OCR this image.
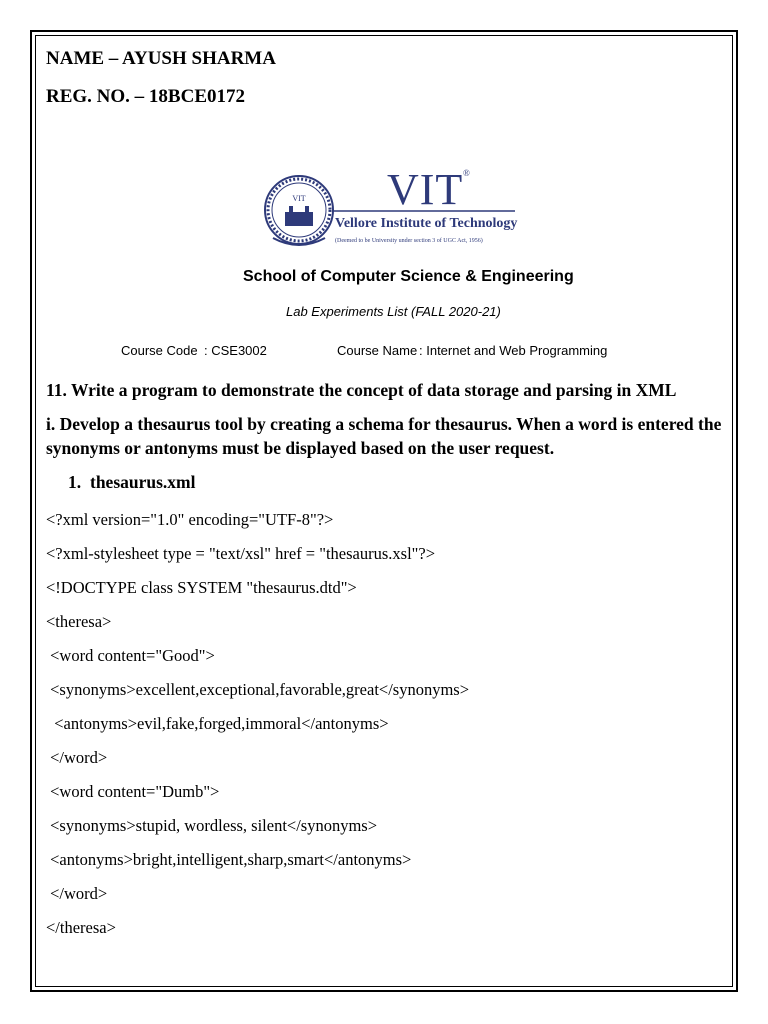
NAME – AYUSH SHARMA
REG. NO. – 18BCE0172
VIT VIT ®
Vellore Institute of Technology
(Deemed to be University under section 3 of UGC Act, 1956)
School of Computer Science & Engineering
Lab Experiments List (FALL 2020-21)
Course Code : CSE3002	Course Name : Internet and Web Programming
11. Write a program to demonstrate the concept of data storage and parsing in XML
i. Develop a thesaurus tool by creating a schema for thesaurus. When a word is entered the
synonyms or antonyms must be displayed based on the user request.
1. thesaurus.xml
<?xml version="1.0" encoding="UTF-8"?>
<?xml-stylesheet type = "text/xsl" href = "thesaurus.xsl"?>
<!DOCTYPE class SYSTEM "thesaurus.dtd">
<theresa>
<word content="Good">
<synonyms>excellent,exceptional,favorable,great</synonyms>
<antonyms>evil,fake,forged,immoral</antonyms>
</word>
<word content="Dumb">
<synonyms>stupid, wordless, silent</synonyms>
<antonyms>bright,intelligent,sharp,smart</antonyms>
</word>
</theresa>
